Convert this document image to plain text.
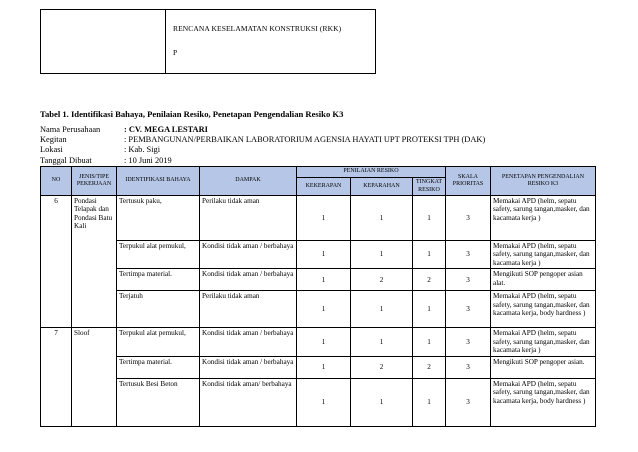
RENCANA KESELAMATAN KONSTRUKSI (RKK)
P
Tabel 1. Identifikasi Bahaya, Penilaian Resiko, Penetapan Pengendalian Resiko K3
Nama Perusahaan	: CV. MEGA LESTARI
Kegitan	: PEMBANGUNAN/PERBAIKAN LABORATORIUM AGENSIA HAYATI UPT PROTEKSI TPH (DAK)
Lokasi	: Kab. Sigi
Tanggal Dibuat	: 10 Juni 2019
NO	JENIS/TIPE PEKERJAAN	IDENTIFIKASI BAHAYA	DAMPAK	PENILAIAN RESIKO			SKALA PRIORITAS	PENETAPAN PENGENDALIAN RESIKO K3
				KEKERAPAN	KEPARAHAN	TINGKAT RESIKO		
6	Pondasi Telapak dan Pondasi Batu Kali	Tertusuk paku,	Perilaku tidak aman	1	1	1	3	Memakai APD (helm, sepatu safety, sarung tangan,masker, dan kacamata kerja )
		Terpukul alat pemukul,	Kondisi tidak aman / berbahaya	1	1	1	3	Memakai APD (helm, sepatu safety, sarung tangan,masker, dan kacamata kerja )
		Tertimpa material.	Kondisi tidak aman / berbahaya	1	2	2	3	Mengikuti SOP pengoper asian alat.
		Terjatuh	Perilaku tidak aman	1	1	1	3	Memakai APD (helm, sepatu safety, sarung tangan,masker, dan kacamata kerja, body hardness )
7	Sloof	Terpukul alat pemukul,	Kondisi tidak aman / berbahaya	1	1	1	3	Memakai APD (helm, sepatu safety, sarung tangan,masker, dan kacamata kerja )
		Tertimpa material.	Kondisi tidak aman / berbahaya	1	2	2	3	Mengikuti SOP pengoper asian.
		Tertusuk Besi Beton	Kondisi tidak aman/ berbahaya	1	1	1	3	Memakai APD (helm, sepatu safety, sarung tangan,masker, dan kacamata kerja, body hardness )
